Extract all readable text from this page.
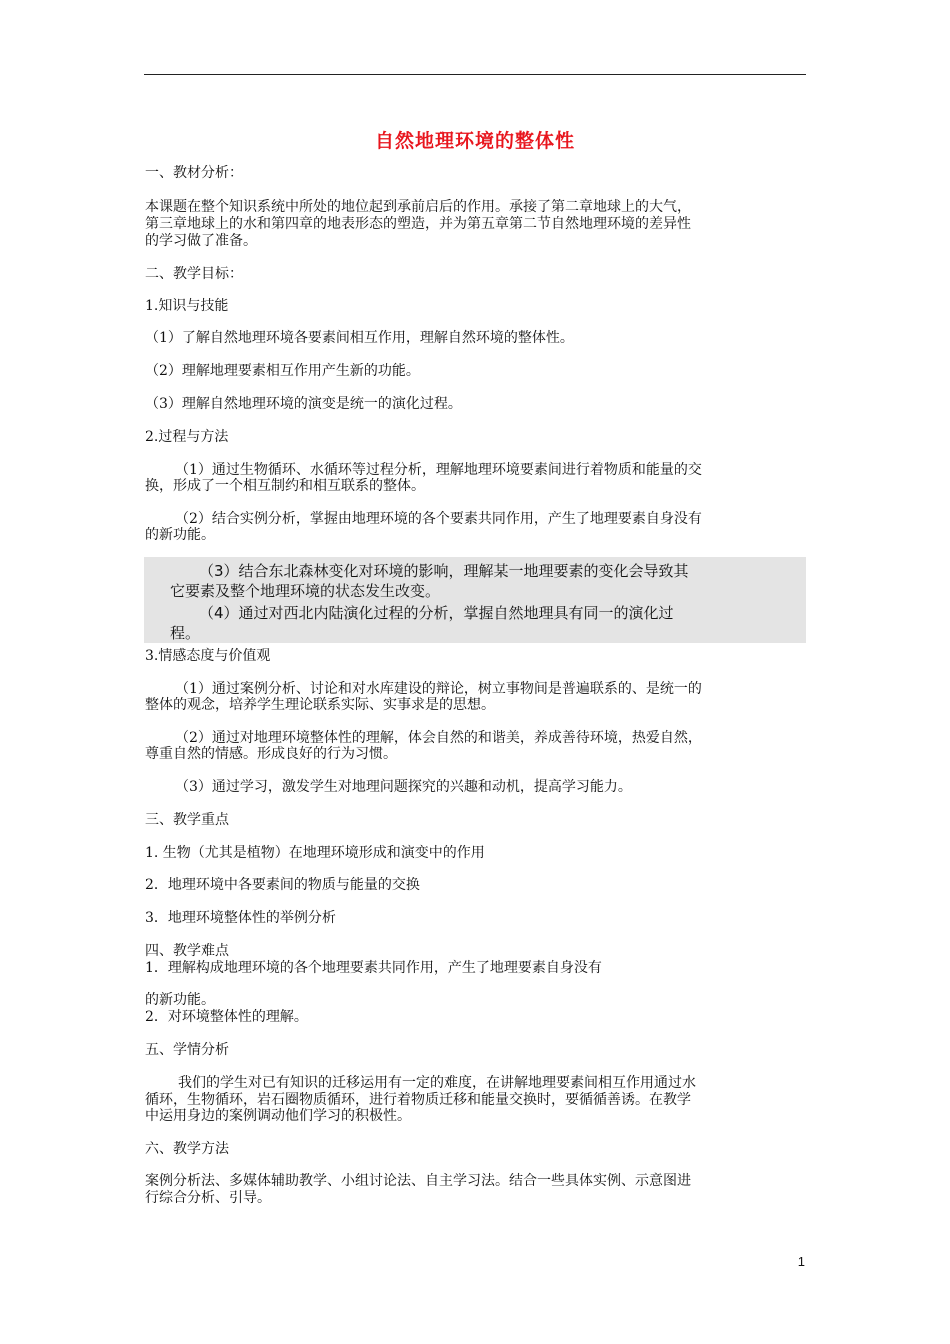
自然地理环境的整体性
一、教材分析：
本课题在整个知识系统中所处的地位起到承前启后的作用。承接了第二章地球上的大气，
第三章地球上的水和第四章的地表形态的塑造，并为第五章第二节自然地理环境的差异性
的学习做了准备。
二、教学目标：
1.知识与技能
（1）了解自然地理环境各要素间相互作用，理解自然环境的整体性。
（2）理解地理要素相互作用产生新的功能。
（3）理解自然地理环境的演变是统一的演化过程。
2.过程与方法
（1）通过生物循环、水循环等过程分析，理解地理环境要素间进行着物质和能量的交
换，形成了一个相互制约和相互联系的整体。
（2）结合实例分析，掌握由地理环境的各个要素共同作用，产生了地理要素自身没有
的新功能。
（3）结合东北森林变化对环境的影响，理解某一地理要素的变化会导致其
它要素及整个地理环境的状态发生改变。
（4）通过对西北内陆演化过程的分析，掌握自然地理具有同一的演化过
程。
3.情感态度与价值观
（1）通过案例分析、讨论和对水库建设的辩论，树立事物间是普遍联系的、是统一的
整体的观念，培养学生理论联系实际、实事求是的思想。
（2）通过对地理环境整体性的理解，体会自然的和谐美，养成善待环境，热爱自然，
尊重自然的情感。形成良好的行为习惯。
（3）通过学习，激发学生对地理问题探究的兴趣和动机，提高学习能力。
三、教学重点
1. 生物（尤其是植物）在地理环境形成和演变中的作用
2．地理环境中各要素间的物质与能量的交换
3．地理环境整体性的举例分析
四、教学难点
1．理解构成地理环境的各个地理要素共同作用，产生了地理要素自身没有
的新功能。
2．对环境整体性的理解。
五、学情分析
我们的学生对已有知识的迁移运用有一定的难度，在讲解地理要素间相互作用通过水
循环，生物循环，岩石圈物质循环，进行着物质迁移和能量交换时，要循循善诱。在教学
中运用身边的案例调动他们学习的积极性。
六、教学方法
案例分析法、多媒体辅助教学、小组讨论法、自主学习法。结合一些具体实例、示意图进
行综合分析、引导。
1
